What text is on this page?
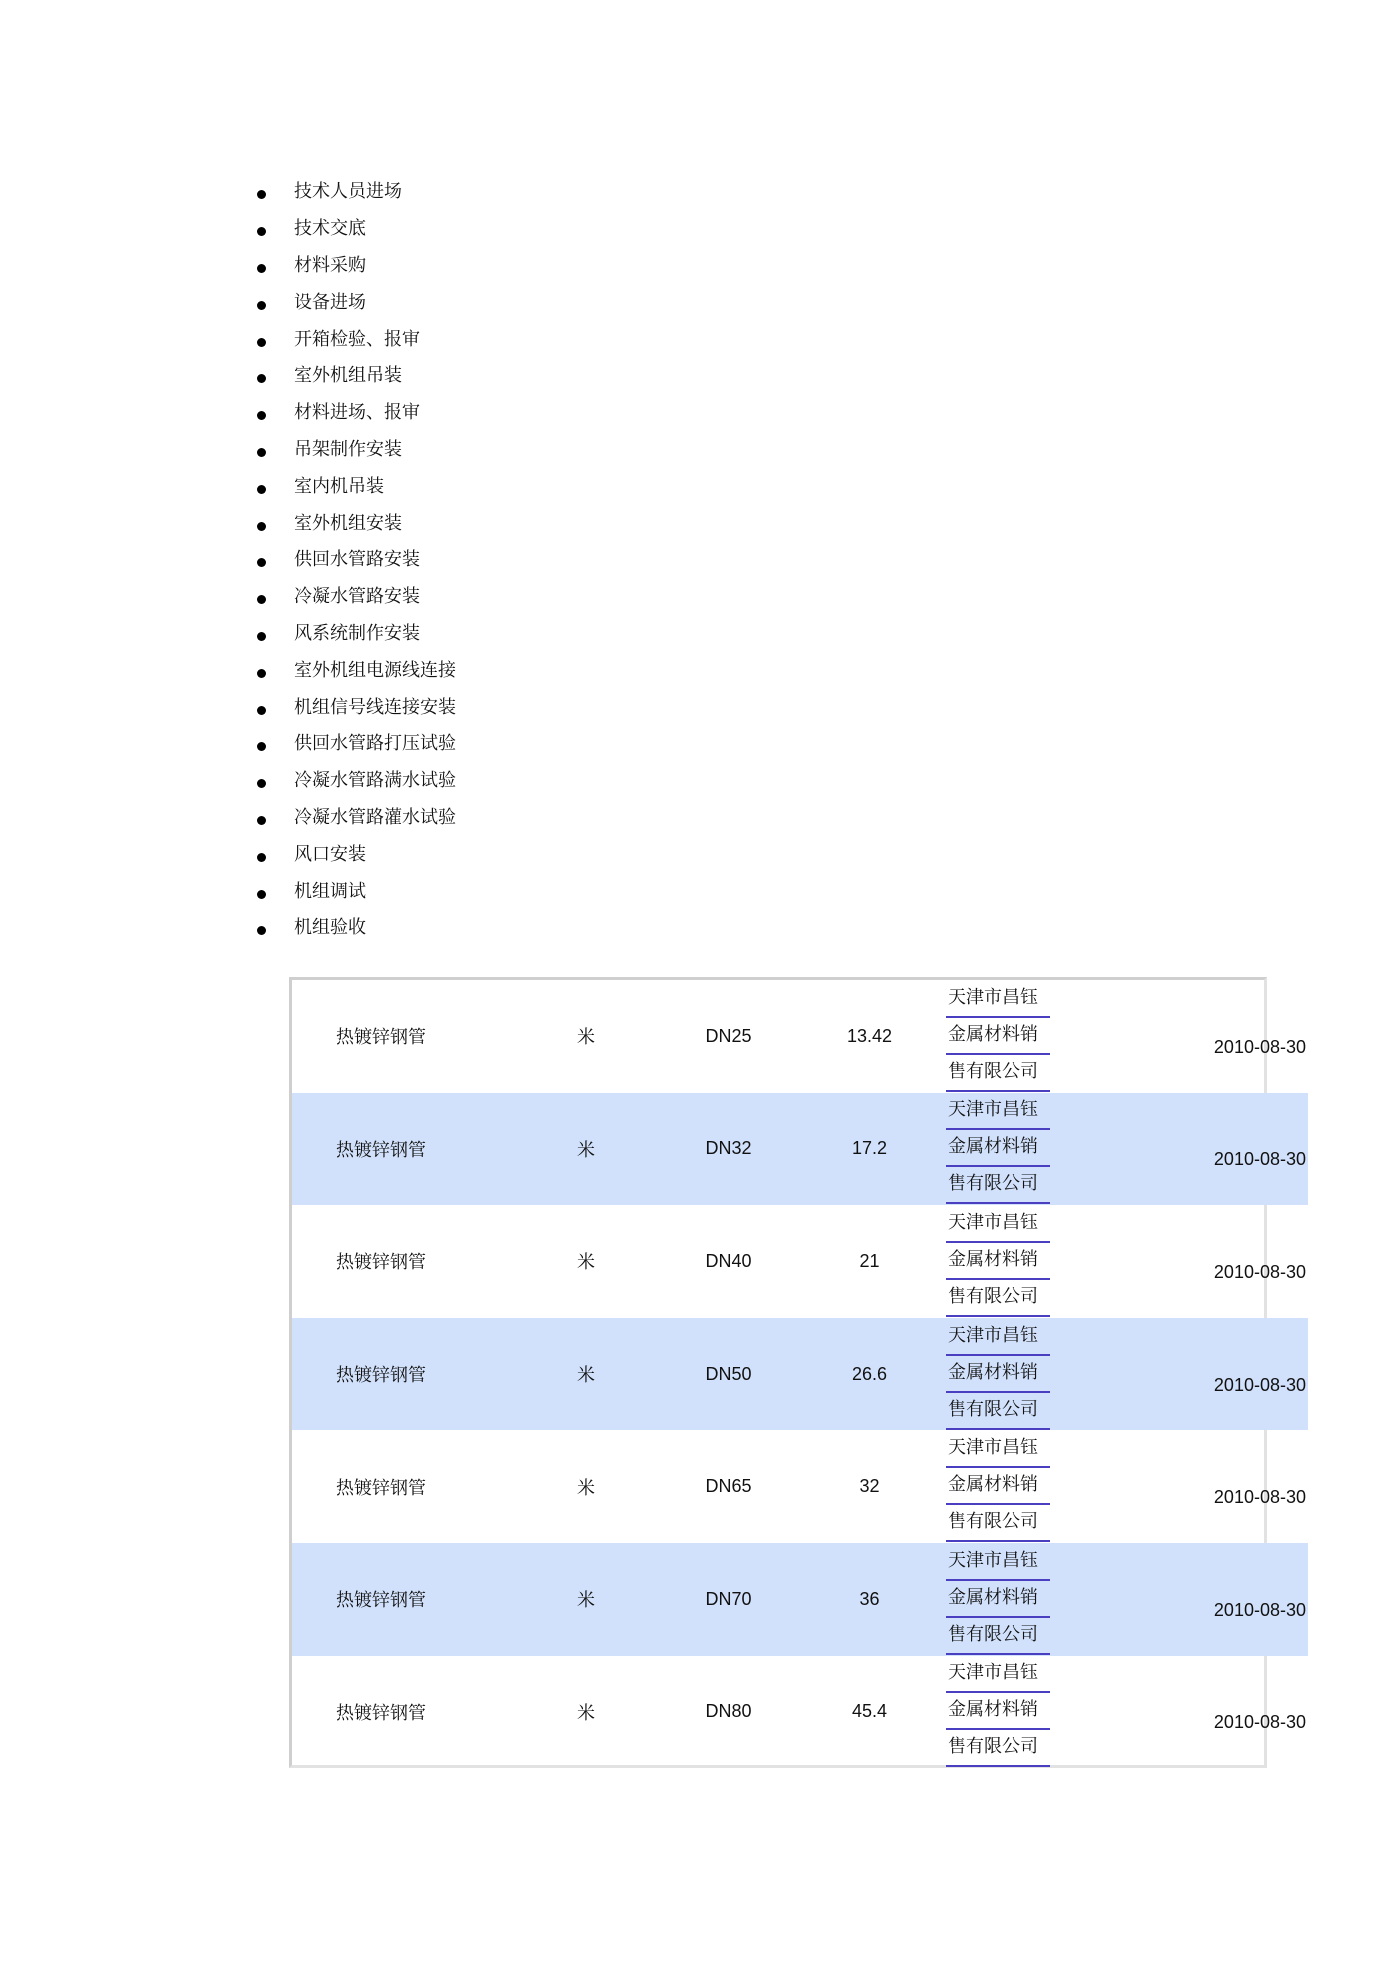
技术人员进场
技术交底
材料采购
设备进场
开箱检验、报审
室外机组吊装
材料进场、报审
吊架制作安装
室内机吊装
室外机组安装
供回水管路安装
冷凝水管路安装
风系统制作安装
室外机组电源线连接
机组信号线连接安装
供回水管路打压试验
冷凝水管路满水试验
冷凝水管路灌水试验
风口安装
机组调试
机组验收
热镀锌钢管	米	DN25	13.42	天津市昌钰
金属材料销
售有限公司	2010-08-30

热镀锌钢管	米	DN32	17.2	天津市昌钰
金属材料销
售有限公司	2010-08-30

热镀锌钢管	米	DN40	21	天津市昌钰
金属材料销
售有限公司	2010-08-30

热镀锌钢管	米	DN50	26.6	天津市昌钰
金属材料销
售有限公司	2010-08-30

热镀锌钢管	米	DN65	32	天津市昌钰
金属材料销
售有限公司	2010-08-30

热镀锌钢管	米	DN70	36	天津市昌钰
金属材料销
售有限公司	2010-08-30

热镀锌钢管	米	DN80	45.4	天津市昌钰
金属材料销
售有限公司	2010-08-30
